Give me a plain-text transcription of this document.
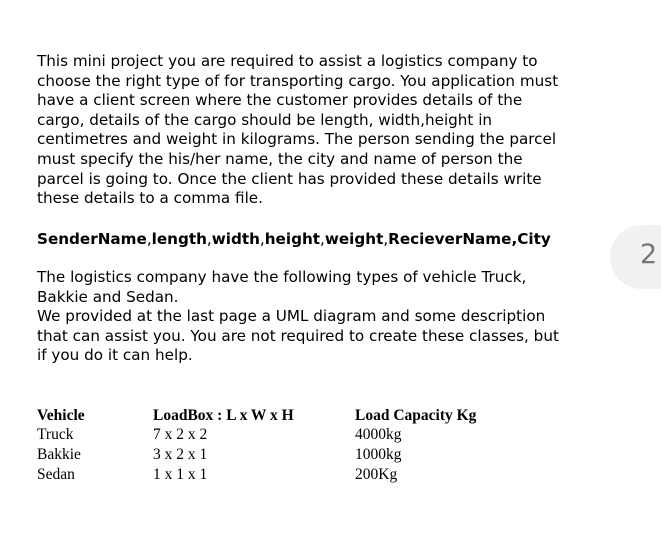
This mini project you are required to assist a logistics company to
choose the right type of for transporting cargo. You application must
have a client screen where the customer provides details of the
cargo, details of the cargo should be length, width,height in
centimetres and weight in kilograms. The person sending the parcel
must specify the his/her name, the city and name of person the
parcel is going to. Once the client has provided these details write
these details to a comma file.
SenderName,length,width,height,weight,RecieverName,City
The logistics company have the following types of vehicle Truck,
Bakkie and Sedan.
We provided at the last page a UML diagram and some description
that can assist you. You are not required to create these classes, but
if you do it can help.
2
Vehicle	LoadBox : L x W x H	Load Capacity Kg
Truck	7 x 2 x 2	4000kg
Bakkie	3 x 2 x 1	1000kg
Sedan	1 x 1 x 1	200Kg
